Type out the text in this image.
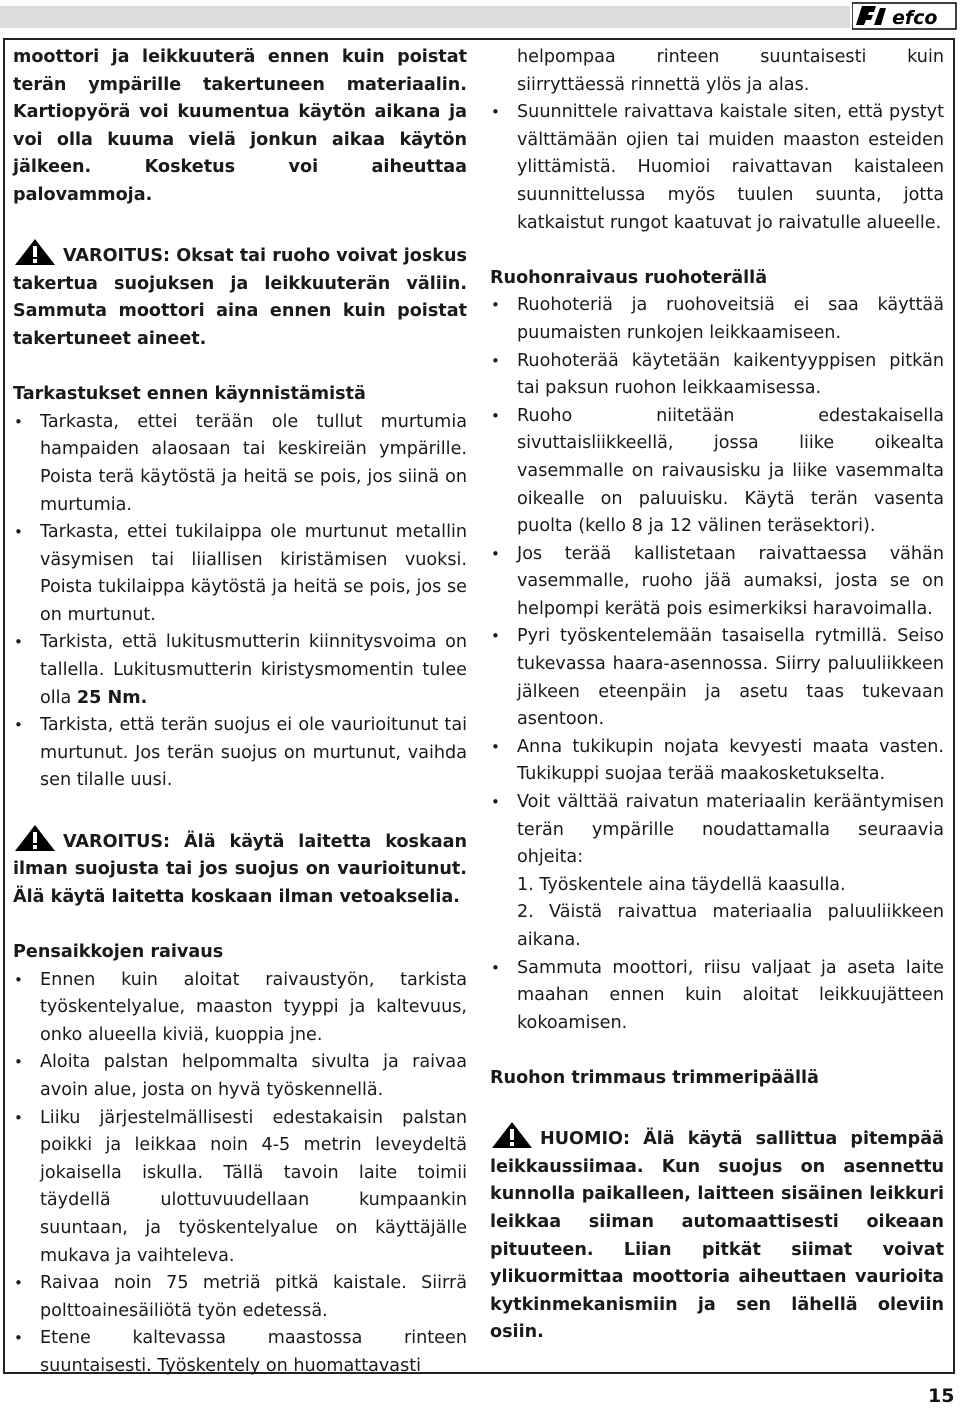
efco

moottori ja leikkuuterä ennen kuin poistat terän ympärille takertuneen materiaalin. Kartiopyörä voi kuumentua käytön aikana ja voi olla kuuma vielä jonkun aikaa käytön jälkeen. Kosketus voi aiheuttaa palovammoja.

VAROITUS: Oksat tai ruoho voivat joskus takertua suojuksen ja leikkuuterän väliin. Sammuta moottori aina ennen kuin poistat takertuneet aineet.

Tarkastukset ennen käynnistämistä

• Tarkasta, ettei terään ole tullut murtumia hampaiden alaosaan tai keskireiän ympärille. Poista terä käytöstä ja heitä se pois, jos siinä on murtumia.
• Tarkasta, ettei tukilaippa ole murtunut metallin väsymisen tai liiallisen kiristämisen vuoksi. Poista tukilaippa käytöstä ja heitä se pois, jos se on murtunut.
• Tarkista, että lukitusmutterin kiinnitysvoima on tallella. Lukitusmutterin kiristysmomentin tulee olla 25 Nm.
• Tarkista, että terän suojus ei ole vaurioitunut tai murtunut. Jos terän suojus on murtunut, vaihda sen tilalle uusi.

VAROITUS: Älä käytä laitetta koskaan ilman suojusta tai jos suojus on vaurioitunut. Älä käytä laitetta koskaan ilman vetoakselia.

Pensaikkojen raivaus

• Ennen kuin aloitat raivaustyön, tarkista työskentelyalue, maaston tyyppi ja kaltevuus, onko alueella kiviä, kuoppia jne.
• Aloita palstan helpommalta sivulta ja raivaa avoin alue, josta on hyvä työskennellä.
• Liiku järjestelmällisesti edestakaisin palstan poikki ja leikkaa noin 4-5 metrin leveydeltä jokaisella iskulla. Tällä tavoin laite toimii täydellä ulottuvuudellaan kumpaankin suuntaan, ja työskentelyalue on käyttäjälle mukava ja vaihteleva.
• Raivaa noin 75 metriä pitkä kaistale. Siirrä polttoainesäiliötä työn edetessä.
• Etene kaltevassa maastossa rinteen suuntaisesti. Työskentely on huomattavasti

helpompaa rinteen suuntaisesti kuin siirryttäessä rinnettä ylös ja alas.

• Suunnittele raivattava kaistale siten, että pystyt välttämään ojien tai muiden maaston esteiden ylittämistä. Huomioi raivattavan kaistaleen suunnittelussa myös tuulen suunta, jotta katkaistut rungot kaatuvat jo raivatulle alueelle.

Ruohonraivaus ruohoterällä

• Ruohoteriä ja ruohoveitsiä ei saa käyttää puumaisten runkojen leikkaamiseen.
• Ruohoterää käytetään kaikentyyppisen pitkän tai paksun ruohon leikkaamisessa.
• Ruoho niitetään edestakaisella sivuttaisliikkeellä, jossa liike oikealta vasemmalle on raivausisku ja liike vasemmalta oikealle on paluuisku. Käytä terän vasenta puolta (kello 8 ja 12 välinen teräsektori).
• Jos terää kallistetaan raivattaessa vähän vasemmalle, ruoho jää aumaksi, josta se on helpompi kerätä pois esimerkiksi haravoimalla.
• Pyri työskentelemään tasaisella rytmillä. Seiso tukevassa haara-asennossa. Siirry paluuliikkeen jälkeen eteenpäin ja asetu taas tukevaan asentoon.
• Anna tukikupin nojata kevyesti maata vasten. Tukikuppi suojaa terää maakosketukselta.
• Voit välttää raivatun materiaalin kerääntymisen terän ympärille noudattamalla seuraavia ohjeita:

1. Työskentele aina täydellä kaasulla.

2. Väistä raivattua materiaalia paluuliikkeen aikana.

• Sammuta moottori, riisu valjaat ja aseta laite maahan ennen kuin aloitat leikkuujätteen kokoamisen.

Ruohon trimmaus trimmeripäällä

HUOMIO: Älä käytä sallittua pitempää leikkaussiimaa. Kun suojus on asennettu kunnolla paikalleen, laitteen sisäinen leikkuri leikkaa siiman automaattisesti oikeaan pituuteen. Liian pitkät siimat voivat ylikuormittaa moottoria aiheuttaen vaurioita kytkinmekanismiin ja sen lähellä oleviin osiin.

15
